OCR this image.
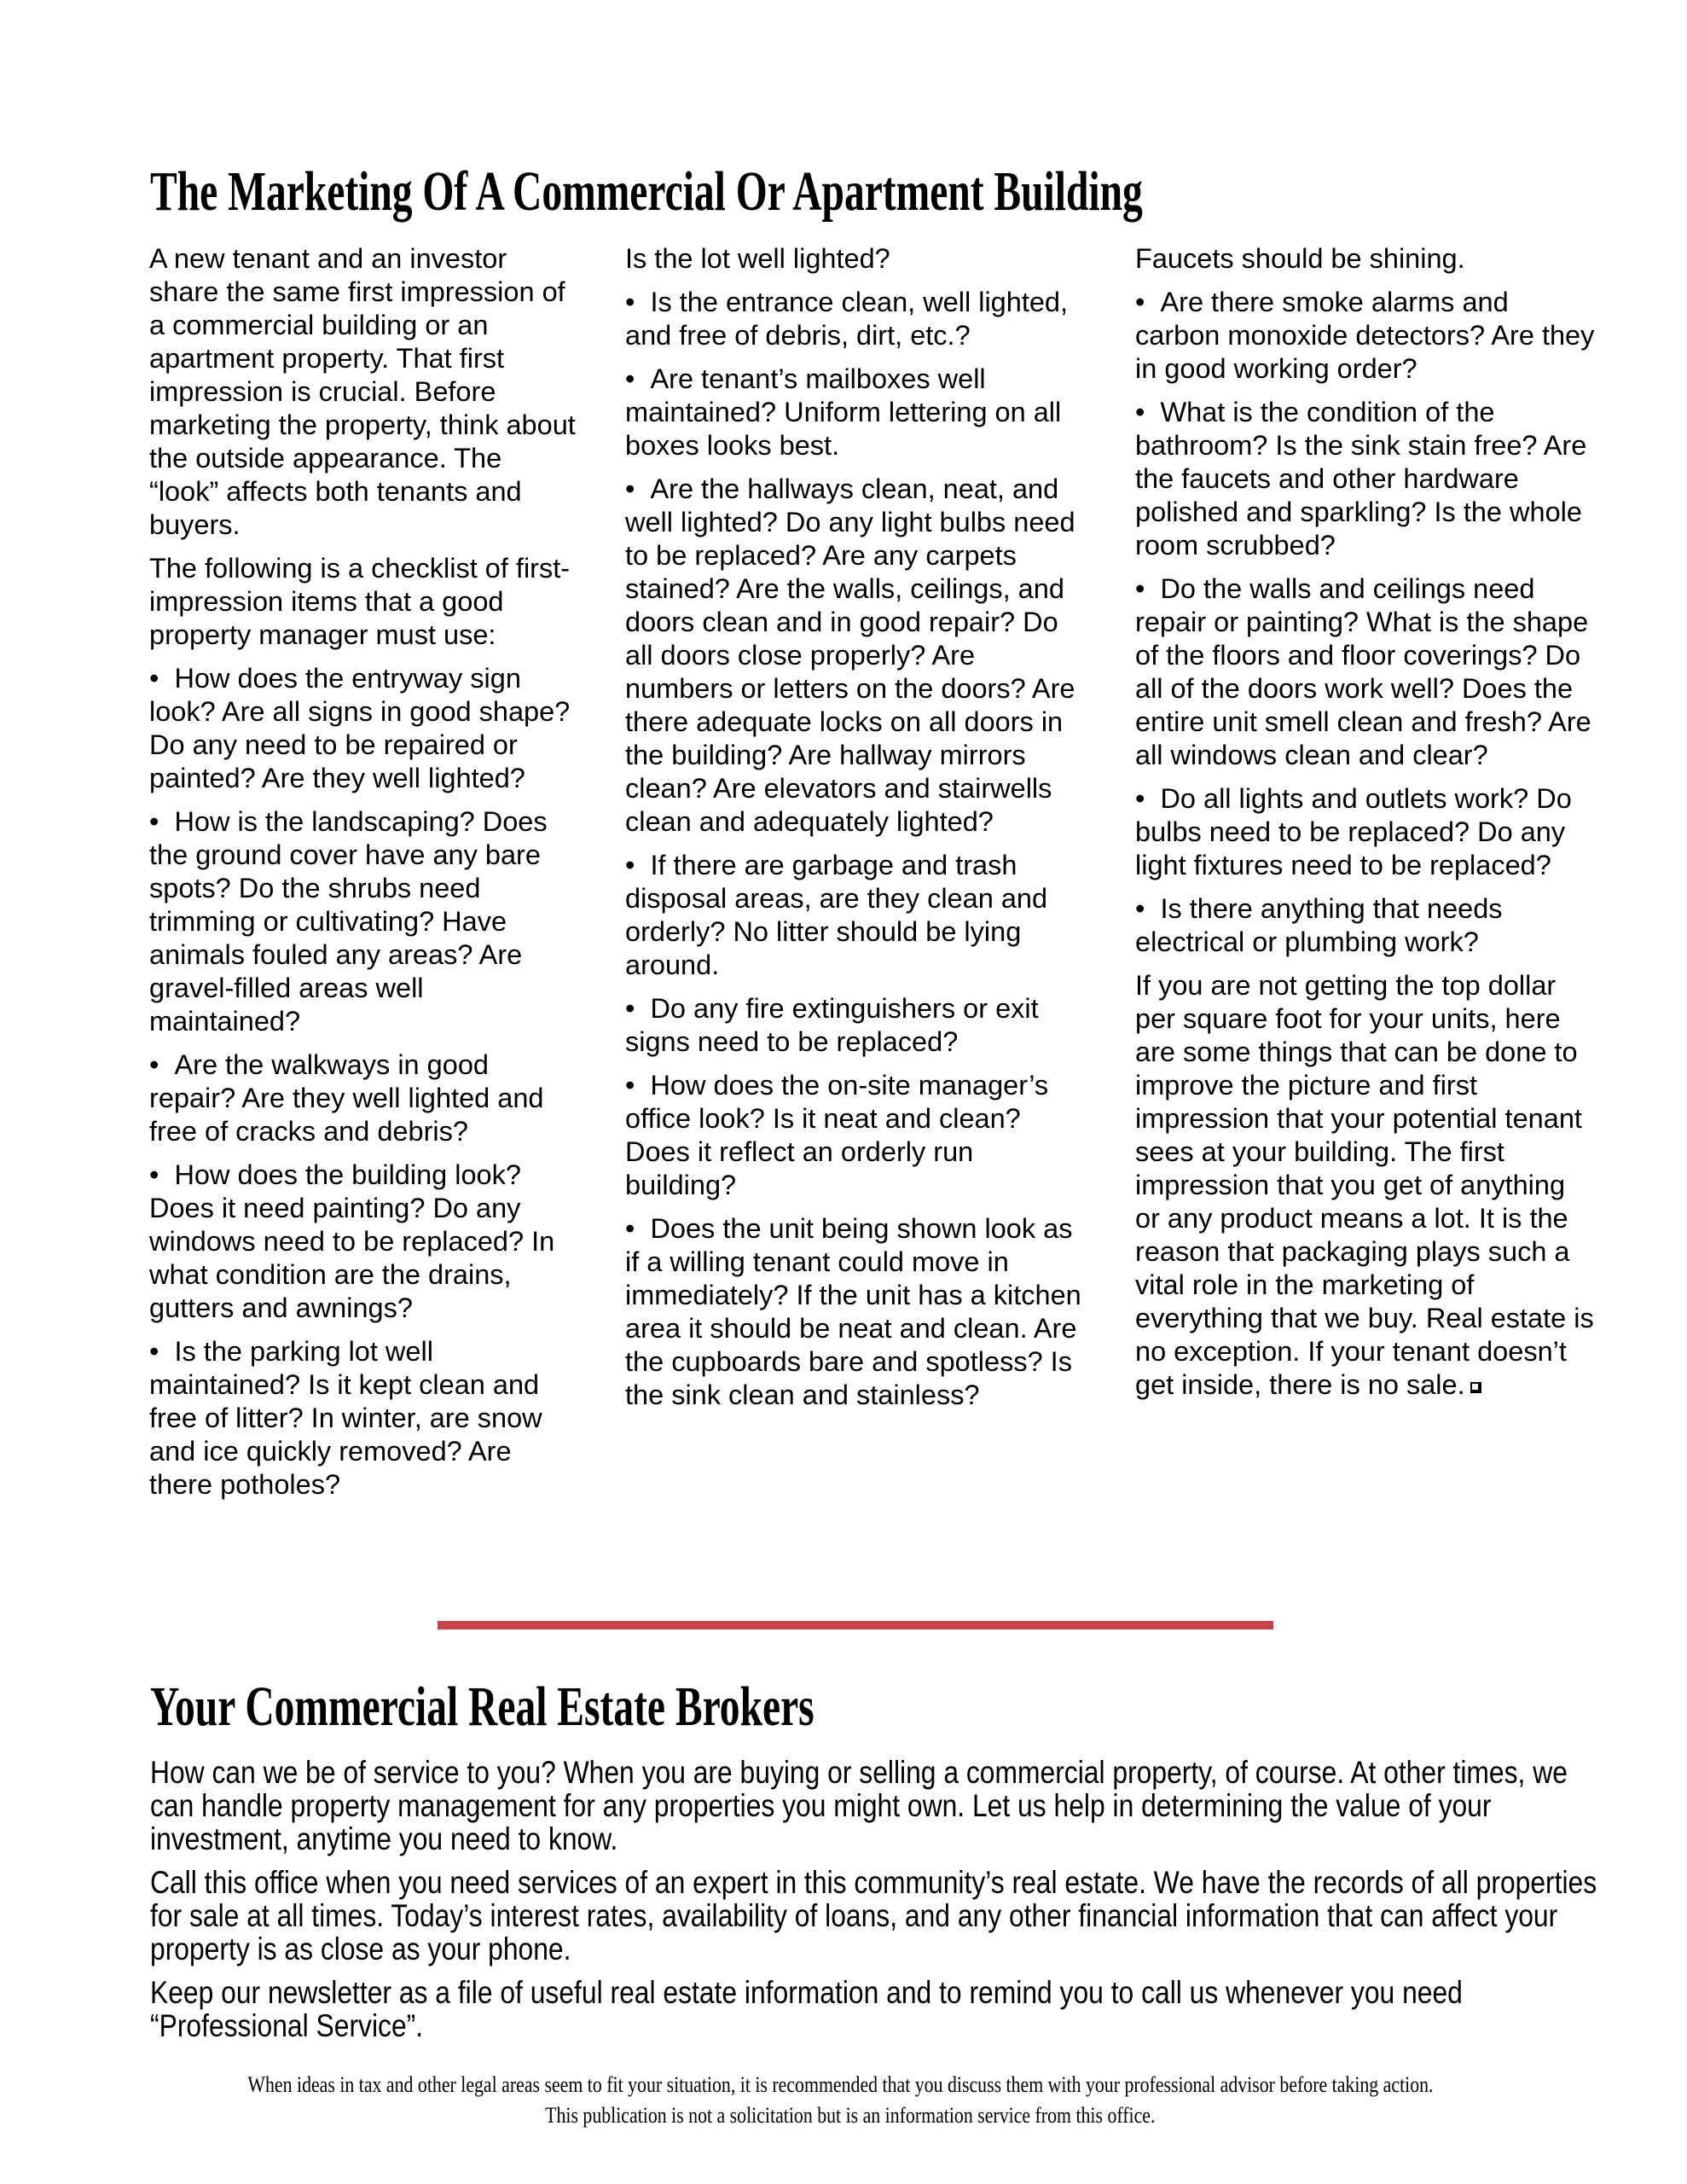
The Marketing Of A Commercial Or Apartment Building

A new tenant and an investor share the same first impression of a commercial building or an apartment property. That first impression is crucial. Before marketing the property, think about the outside appearance. The “look” affects both tenants and buyers.

The following is a checklist of first-impression items that a good property manager must use:

•  How does the entryway sign look? Are all signs in good shape? Do any need to be repaired or painted? Are they well lighted?

•  How is the landscaping? Does the ground cover have any bare spots? Do the shrubs need trimming or cultivating? Have animals fouled any areas? Are gravel-filled areas well maintained?

•  Are the walkways in good repair? Are they well lighted and free of cracks and debris?

•  How does the building look? Does it need painting? Do any windows need to be replaced? In what condition are the drains, gutters and awnings?

•  Is the parking lot well maintained? Is it kept clean and free of litter? In winter, are snow and ice quickly removed? Are there potholes?

Is the lot well lighted?

•  Is the entrance clean, well lighted, and free of debris, dirt, etc.?

•  Are tenant’s mailboxes well maintained? Uniform lettering on all boxes looks best.

•  Are the hallways clean, neat, and well lighted? Do any light bulbs need to be replaced? Are any carpets stained? Are the walls, ceilings, and doors clean and in good repair? Do all doors close properly? Are numbers or letters on the doors? Are there adequate locks on all doors in the building? Are hallway mirrors clean? Are elevators and stairwells clean and adequately lighted?

•  If there are garbage and trash disposal areas, are they clean and orderly? No litter should be lying around.

•  Do any fire extinguishers or exit signs need to be replaced?

•  How does the on-site manager’s office look? Is it neat and clean? Does it reflect an orderly run building?

•  Does the unit being shown look as if a willing tenant could move in immediately? If the unit has a kitchen area it should be neat and clean. Are the cupboards bare and spotless? Is the sink clean and stainless?

Faucets should be shining.

•  Are there smoke alarms and carbon monoxide detectors? Are they in good working order?

•  What is the condition of the bathroom? Is the sink stain free? Are the faucets and other hardware polished and sparkling? Is the whole room scrubbed?

•  Do the walls and ceilings need repair or painting? What is the shape of the floors and floor coverings? Do all of the doors work well? Does the entire unit smell clean and fresh? Are all windows clean and clear?

•  Do all lights and outlets work? Do bulbs need to be replaced? Do any light fixtures need to be replaced?

•  Is there anything that needs electrical or plumbing work?

If you are not getting the top dollar per square foot for your units, here are some things that can be done to improve the picture and first impression that your potential tenant sees at your building. The first impression that you get of anything or any product means a lot. It is the reason that packaging plays such a vital role in the marketing of everything that we buy. Real estate is no exception. If your tenant doesn’t get inside, there is no sale.

Your Commercial Real Estate Brokers

How can we be of service to you? When you are buying or selling a commercial property, of course. At other times, we can handle property management for any properties you might own. Let us help in determining the value of your investment, anytime you need to know.

Call this office when you need services of an expert in this community’s real estate. We have the records of all properties for sale at all times. Today’s interest rates, availability of loans, and any other financial information that can affect your property is as close as your phone.

Keep our newsletter as a file of useful real estate information and to remind you to call us whenever you need “Professional Service”.

When ideas in tax and other legal areas seem to fit your situation, it is recommended that you discuss them with your professional advisor before taking action.
This publication is not a solicitation but is an information service from this office.
